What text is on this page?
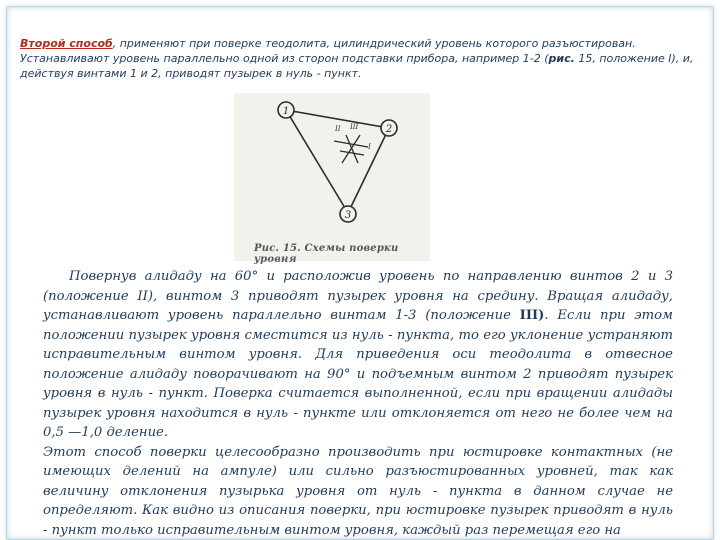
Второй способ, применяют при поверке теодолита, цилиндрический уровень которого разъюстирован. Устанавливают уровень параллельно одной из сторон подставки прибора, например 1-2 (рис. 15, положение I), и, действуя винтами 1 и 2, приводят пузырек в нуль - пункт.
1
2
3
II III
I
Рис. 15. Схемы поверки уровня

Повернув алидаду на 60° и расположив уровень по направлению винтов 2 и 3 (положение II), винтом 3 приводят пузырек уровня на средину. Вращая алидаду, устанавливают уровень параллельно винтам 1-3 (положение III). Если при этом положении пузырек уровня сместится из нуль - пункта, то его уклонение устраняют исправительным винтом уровня. Для приведения оси теодолита в отвесное положение алидаду поворачивают на 90° и подъемным винтом 2 приводят пузырек уровня в нуль - пункт. Поверка считается выполненной, если при вращении алидады пузырек уровня находится в нуль - пункте или отклоняется от него не более чем на 0,5 —1,0 деление.

Этот способ поверки целесообразно производить при юстировке контактных (не имеющих делений на ампуле) или сильно разъюстированных уровней, так как величину отклонения пузырька уровня от нуль - пункта в данном случае не определяют. Как видно из описания поверки, при юстировке пузырек приводят в нуль - пункт только исправительным винтом уровня, каждый раз перемещая его на
